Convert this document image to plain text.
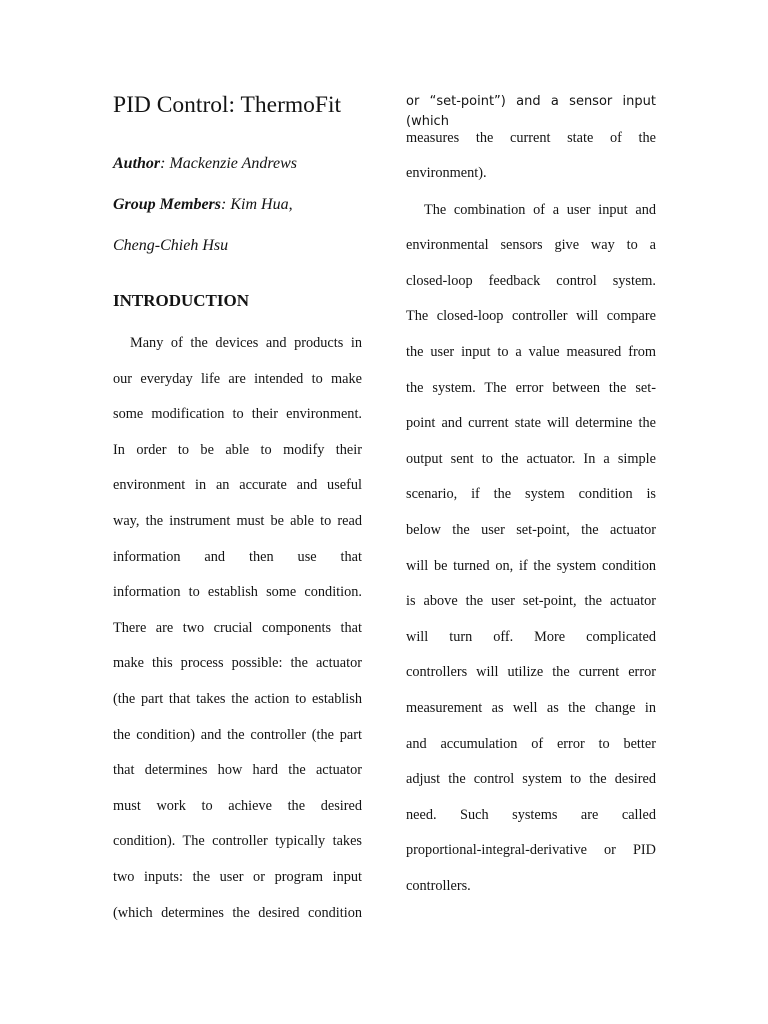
PID Control: ThermoFit
Author: Mackenzie Andrews
Group Members: Kim Hua,
Cheng-Chieh Hsu
INTRODUCTION
Many of the devices and products in
our everyday life are intended to make
some modification to their environment.
In order to be able to modify their
environment in an accurate and useful
way, the instrument must be able to read
information and then use that
information to establish some condition.
There are two crucial components that
make this process possible: the actuator
(the part that takes the action to establish
the condition) and the controller (the part
that determines how hard the actuator
must work to achieve the desired
condition). The controller typically takes
two inputs: the user or program input
(which determines the desired condition
or “set-point”) and a sensor input (which
measures the current state of the
environment).
The combination of a user input and
environmental sensors give way to a
closed-loop feedback control system.
The closed-loop controller will compare
the user input to a value measured from
the system. The error between the set-
point and current state will determine the
output sent to the actuator. In a simple
scenario, if the system condition is
below the user set-point, the actuator
will be turned on, if the system condition
is above the user set-point, the actuator
will turn off. More complicated
controllers will utilize the current error
measurement as well as the change in
and accumulation of error to better
adjust the control system to the desired
need. Such systems are called
proportional-integral-derivative or PID
controllers.
